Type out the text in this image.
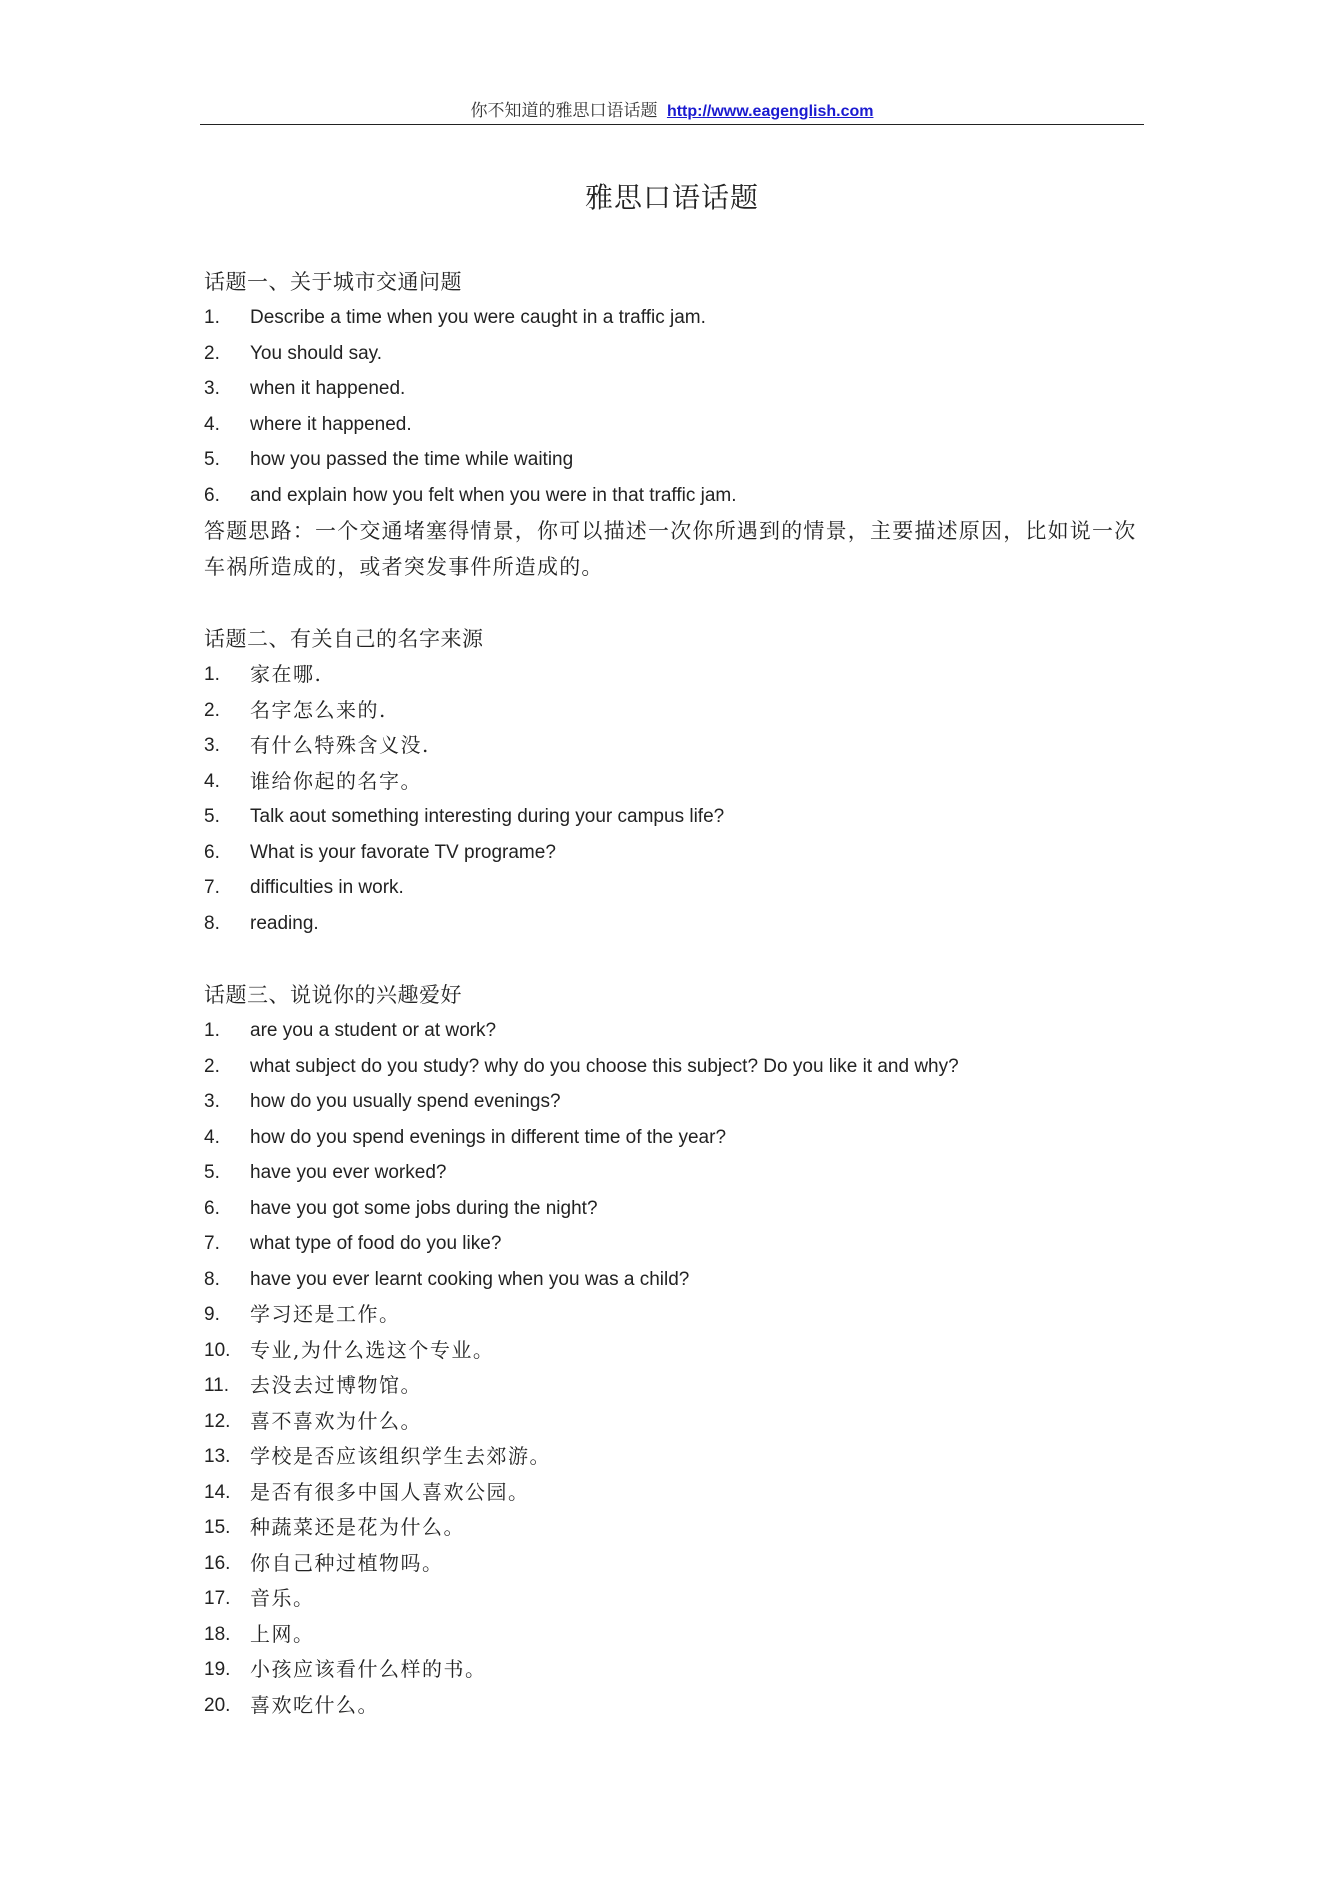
你不知道的雅思口语话题 http://www.eagenglish.com
雅思口语话题
话题一、关于城市交通问题
1.	Describe a time when you were caught in a traffic jam.
2.	You should say.
3.	when it happened.
4.	where it happened.
5.	how you passed the time while waiting
6.	and explain how you felt when you were in that traffic jam.
答题思路：一个交通堵塞得情景，你可以描述一次你所遇到的情景，主要描述原因，比如说一次车祸所造成的，或者突发事件所造成的。
话题二、有关自己的名字来源
1.	家在哪.
2.	名字怎么来的.
3.	有什么特殊含义没.
4.	谁给你起的名字。
5.	Talk aout something interesting during your campus life?
6.	What is your favorate TV programe?
7.	difficulties in work.
8.	reading.
话题三、说说你的兴趣爱好
1.	are you a student or at work?
2.	what subject do you study? why do you choose this subject? Do you like it and why?
3.	how do you usually spend evenings?
4.	how do you spend evenings in different time of the year?
5.	have you ever worked?
6.	have you got some jobs during the night?
7.	what type of food do you like?
8.	have you ever learnt cooking when you was a child?
9.	学习还是工作。
10. 专业,为什么选这个专业。
11.	去没去过博物馆。
12. 喜不喜欢为什么。
13. 学校是否应该组织学生去郊游。
14. 是否有很多中国人喜欢公园。
15. 种蔬菜还是花为什么。
16. 你自己种过植物吗。
17. 音乐。
18. 上网。
19. 小孩应该看什么样的书。
20. 喜欢吃什么。
